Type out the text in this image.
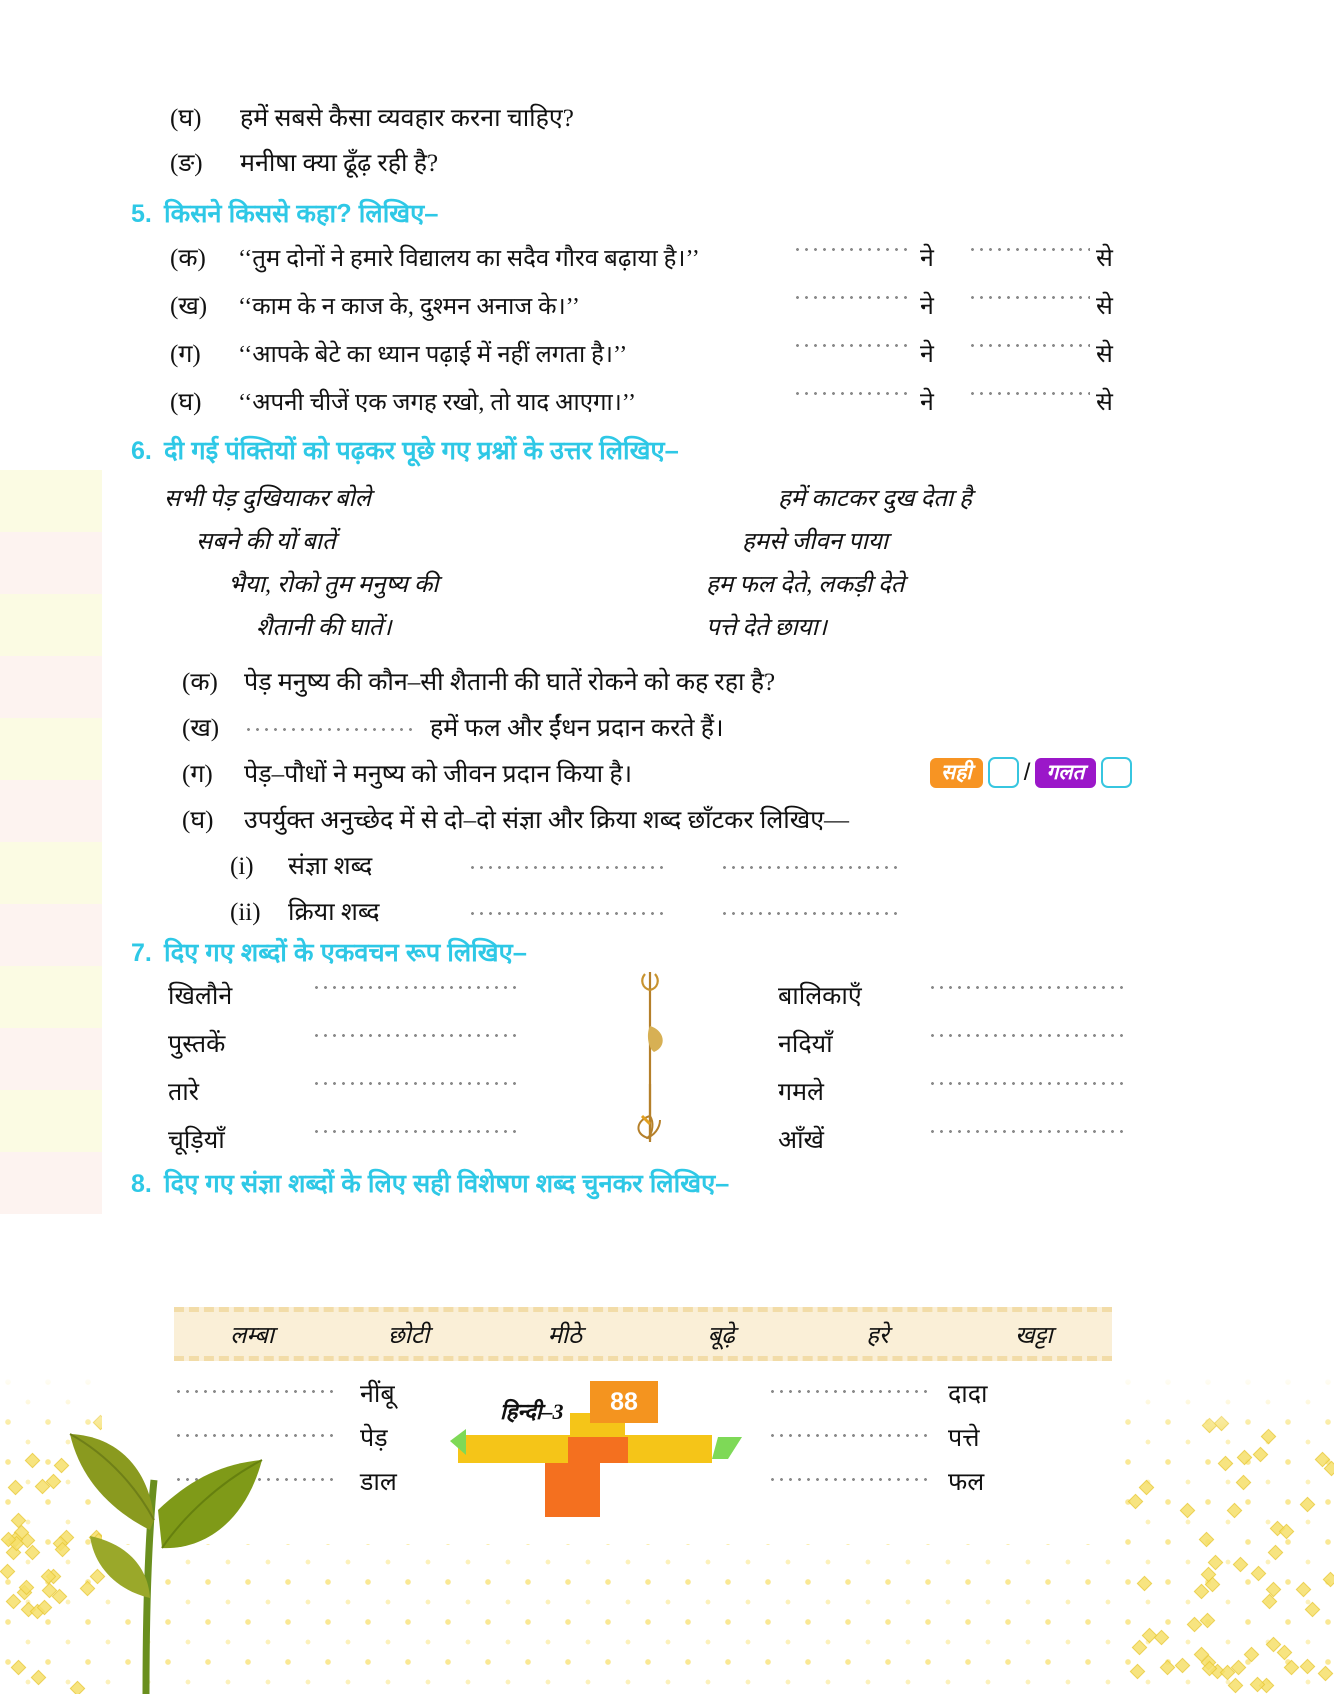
(घ)	हमें सबसे कैसा व्यवहार करना चाहिए?
(ङ)	मनीषा क्या ढूँढ़ रही है?
5. किसने किससे कहा? लिखिए–
(क)	‘‘तुम दोनों ने हमारे विद्यालय का सदैव गौरव बढ़ाया है।’’	ने	से
(ख)	‘‘काम के न काज के, दुश्मन अनाज के।’’	ने	से
(ग)	‘‘आपके बेटे का ध्यान पढ़ाई में नहीं लगता है।’’	ने	से
(घ)	‘‘अपनी चीजें एक जगह रखो, तो याद आएगा।’’	ने	से
6. दी गई पंक्तियों को पढ़कर पूछे गए प्रश्नों के उत्तर लिखिए–
सभी पेड़ दुखियाकर बोले
सबने की यों बातें
भैया, रोको तुम मनुष्य की
शैतानी की घातें।
हमें काटकर दुख देता है
हमसे जीवन पाया
हम फल देते, लकड़ी देते
पत्ते देते छाया।
(क)	पेड़ मनुष्य की कौन–सी शैतानी की घातें रोकने को कह रहा है?
(ख)	हमें फल और ईंधन प्रदान करते हैं।
(ग)	पेड़–पौधों ने मनुष्य को जीवन प्रदान किया है।	सही	/ गलत
(घ)	उपर्युक्त अनुच्छेद में से दो–दो संज्ञा और क्रिया शब्द छाँटकर लिखिए—
(i)	संज्ञा शब्द
(ii)	क्रिया शब्द
7. दिए गए शब्दों के एकवचन रूप लिखिए–
खिलौने
पुस्तकें
तारे
चूड़ियाँ
बालिकाएँ
नदियाँ
गमले
आँखें
8. दिए गए संज्ञा शब्दों के लिए सही विशेषण शब्द चुनकर लिखिए–
लम्बा	छोटी	मीठे	बूढ़े	हरे	खट्टा
नींबू
पेड़
डाल
दादा
पत्ते
फल
हिन्दी–3	88
